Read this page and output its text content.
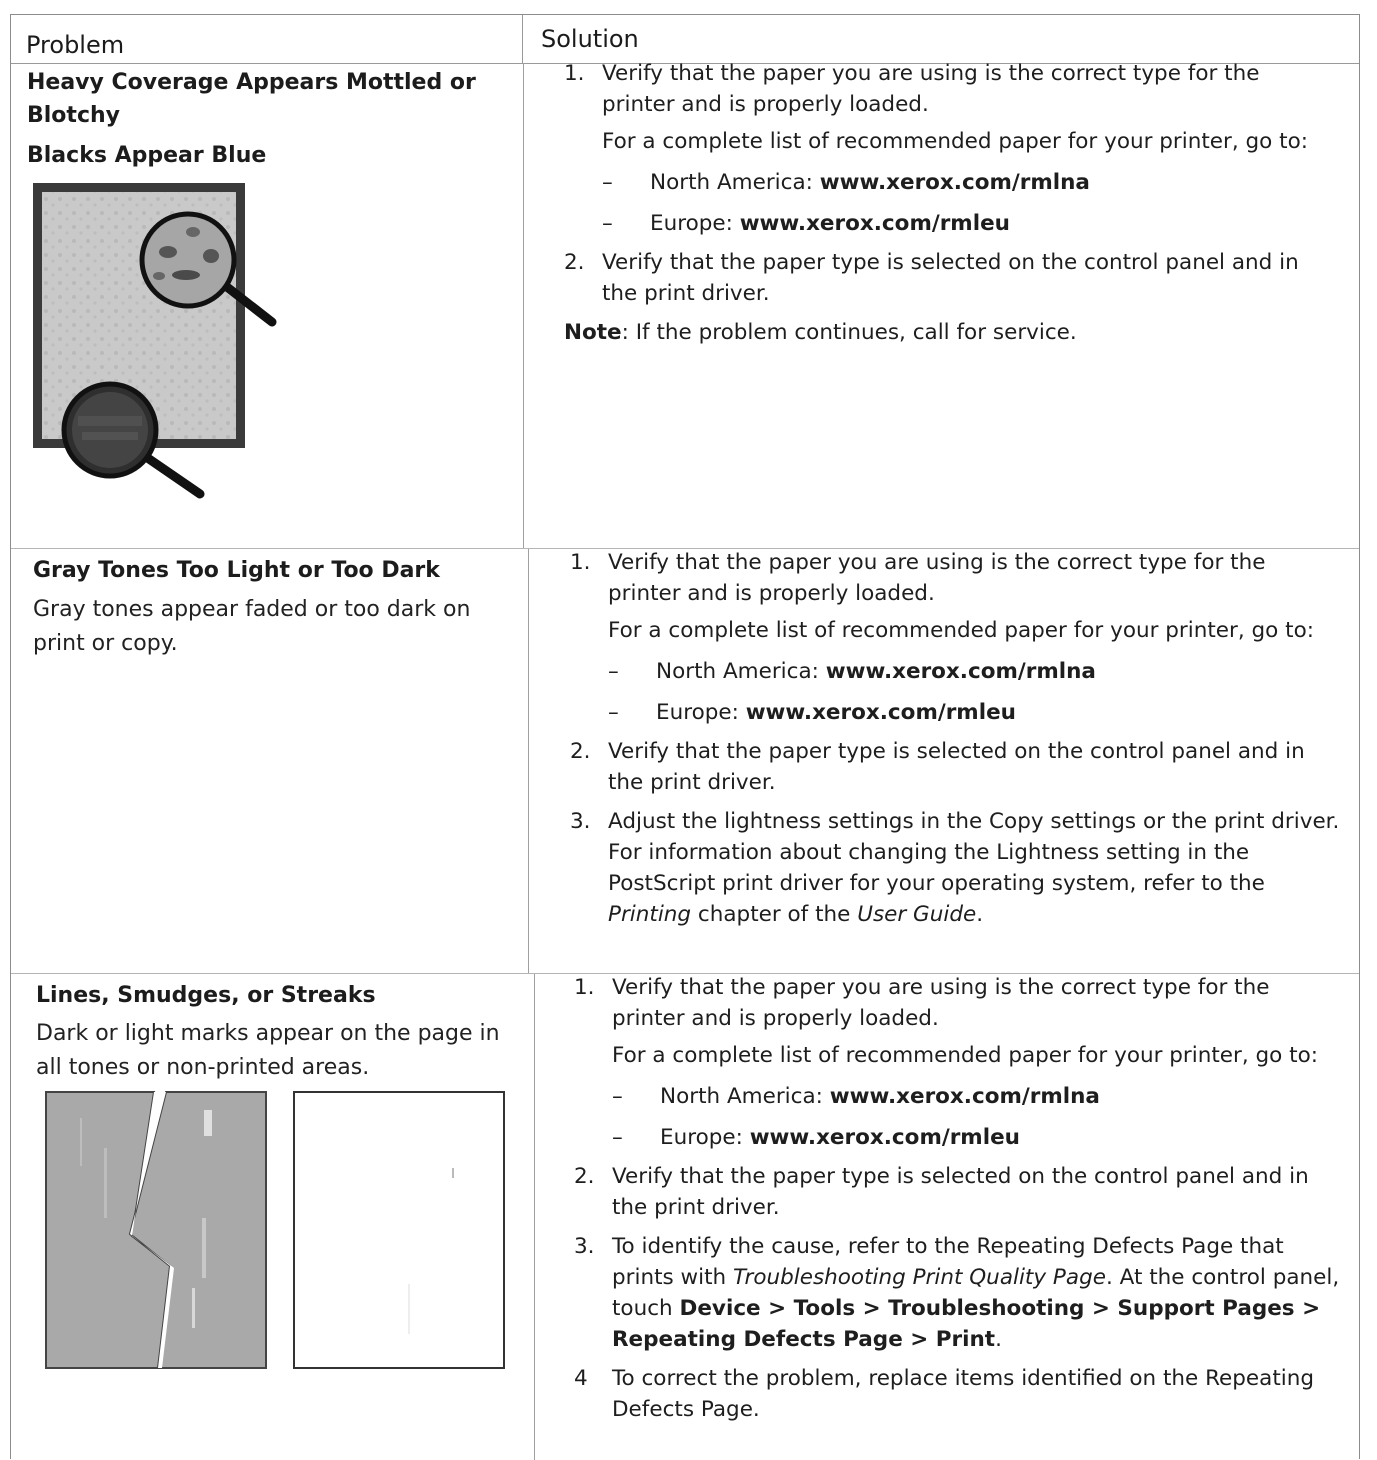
Problem	Solution
Heavy Coverage Appears Mottled or Blotchy
Blacks Appear Blue
1. Verify that the paper you are using is the correct type for the printer and is properly loaded.
For a complete list of recommended paper for your printer, go to:
– North America: www.xerox.com/rmlna
– Europe: www.xerox.com/rmleu
2. Verify that the paper type is selected on the control panel and in the print driver.
Note: If the problem continues, call for service.
Gray Tones Too Light or Too Dark
Gray tones appear faded or too dark on print or copy.
1. Verify that the paper you are using is the correct type for the printer and is properly loaded.
For a complete list of recommended paper for your printer, go to:
– North America: www.xerox.com/rmlna
– Europe: www.xerox.com/rmleu
2. Verify that the paper type is selected on the control panel and in the print driver.
3. Adjust the lightness settings in the Copy settings or the print driver. For information about changing the Lightness setting in the PostScript print driver for your operating system, refer to the Printing chapter of the User Guide.
Lines, Smudges, or Streaks
Dark or light marks appear on the page in all tones or non-printed areas.
1. Verify that the paper you are using is the correct type for the printer and is properly loaded.
For a complete list of recommended paper for your printer, go to:
– North America: www.xerox.com/rmlna
– Europe: www.xerox.com/rmleu
2. Verify that the paper type is selected on the control panel and in the print driver.
3. To identify the cause, refer to the Repeating Defects Page that prints with Troubleshooting Print Quality Page. At the control panel, touch Device > Tools > Troubleshooting > Support Pages > Repeating Defects Page > Print.
4 To correct the problem, replace items identified on the Repeating Defects Page.
